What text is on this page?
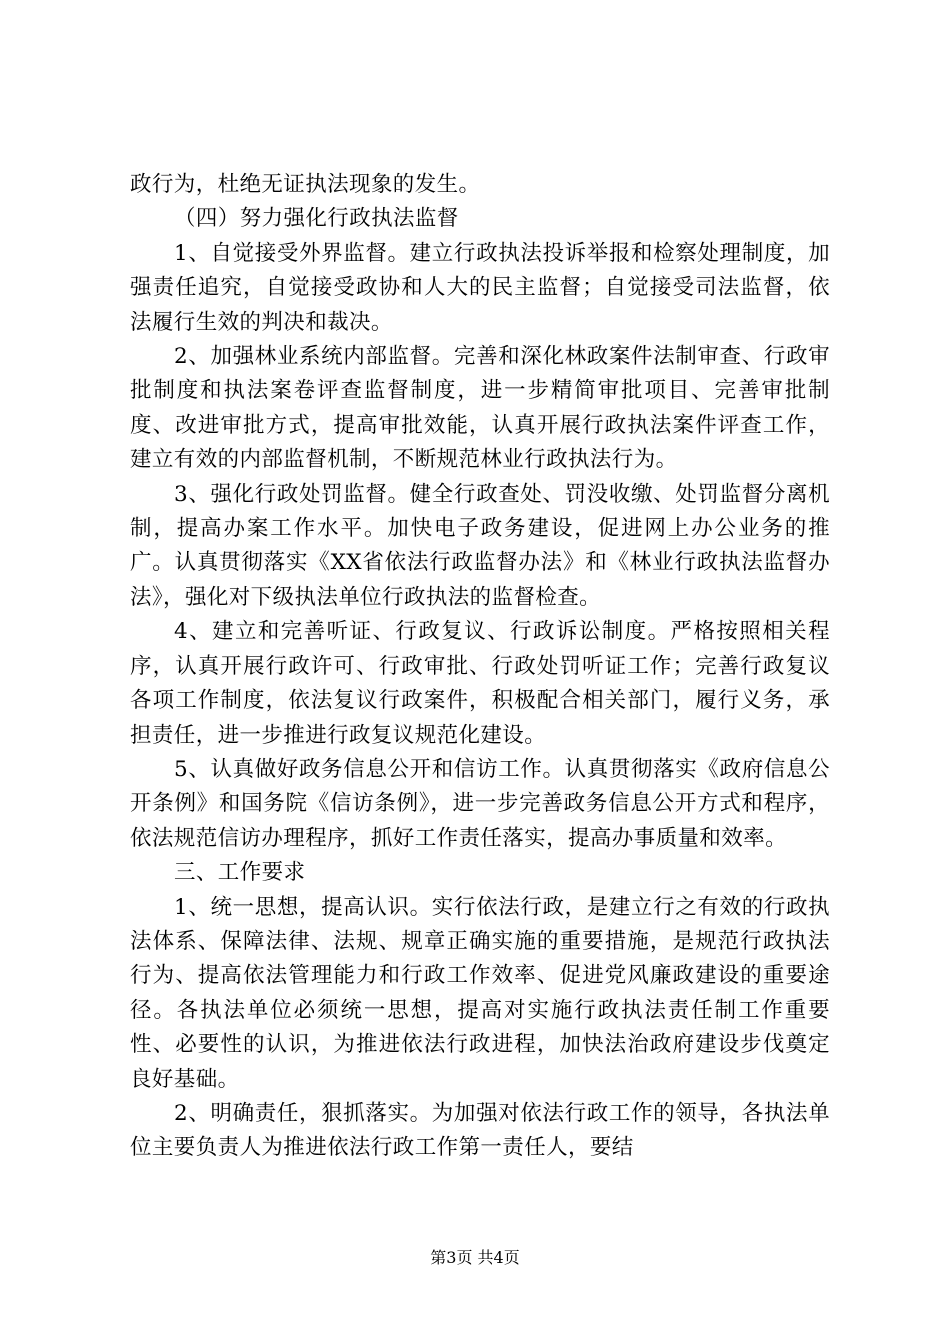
政行为，杜绝无证执法现象的发生。

（四）努力强化行政执法监督

1、自觉接受外界监督。建立行政执法投诉举报和检察处理制度，加强责任追究，自觉接受政协和人大的民主监督；自觉接受司法监督，依法履行生效的判决和裁决。

2、加强林业系统内部监督。完善和深化林政案件法制审查、行政审批制度和执法案卷评查监督制度，进一步精简审批项目、完善审批制度、改进审批方式，提高审批效能，认真开展行政执法案件评查工作，建立有效的内部监督机制，不断规范林业行政执法行为。

3、强化行政处罚监督。健全行政查处、罚没收缴、处罚监督分离机制，提高办案工作水平。加快电子政务建设，促进网上办公业务的推广。认真贯彻落实《XX省依法行政监督办法》和《林业行政执法监督办法》，强化对下级执法单位行政执法的监督检查。

4、建立和完善听证、行政复议、行政诉讼制度。严格按照相关程序，认真开展行政许可、行政审批、行政处罚听证工作；完善行政复议各项工作制度，依法复议行政案件，积极配合相关部门，履行义务，承担责任，进一步推进行政复议规范化建设。

5、认真做好政务信息公开和信访工作。认真贯彻落实《政府信息公开条例》和国务院《信访条例》，进一步完善政务信息公开方式和程序，依法规范信访办理程序，抓好工作责任落实，提高办事质量和效率。

三、工作要求

1、统一思想，提高认识。实行依法行政，是建立行之有效的行政执法体系、保障法律、法规、规章正确实施的重要措施，是规范行政执法行为、提高依法管理能力和行政工作效率、促进党风廉政建设的重要途径。各执法单位必须统一思想，提高对实施行政执法责任制工作重要性、必要性的认识，为推进依法行政进程，加快法治政府建设步伐奠定良好基础。

2、明确责任，狠抓落实。为加强对依法行政工作的领导，各执法单位主要负责人为推进依法行政工作第一责任人，要结

第3页 共4页
